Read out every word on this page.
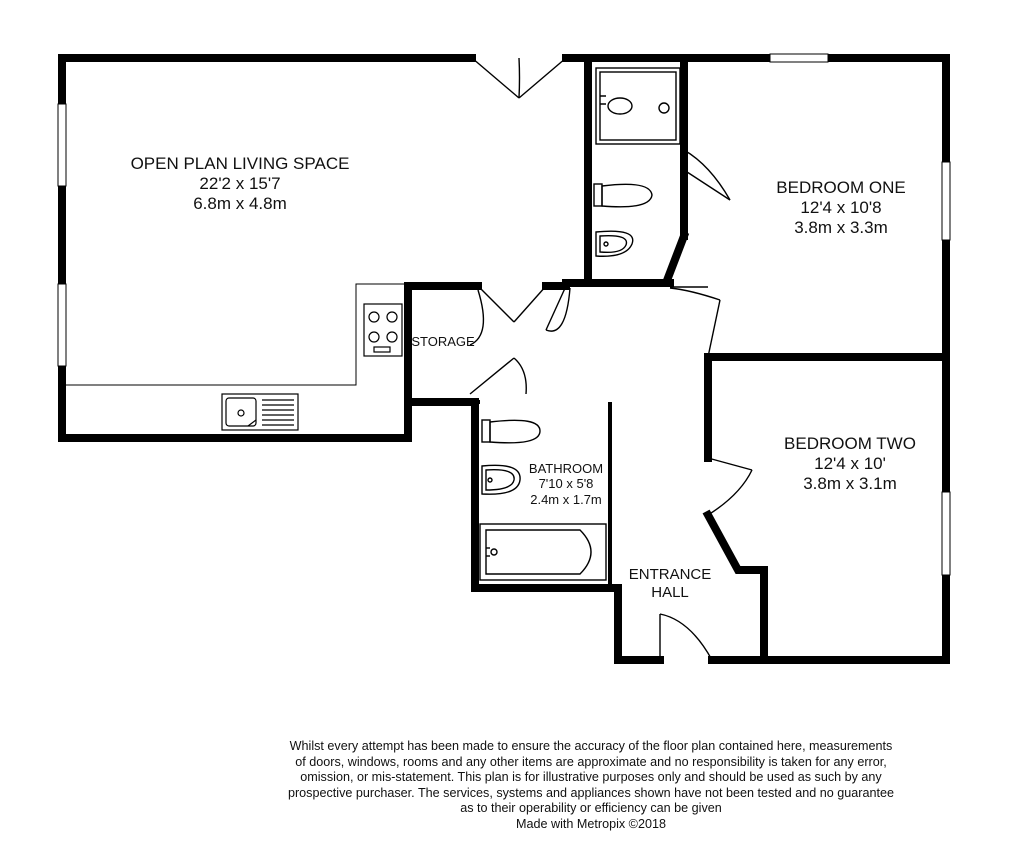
OPEN PLAN LIVING SPACE
22'2 x 15'7
6.8m x 4.8m
BEDROOM ONE
12'4 x 10'8
3.8m x 3.3m
BEDROOM TWO
12'4 x 10'
3.8m x 3.1m
BATHROOM
7'10 x 5'8
2.4m x 1.7m
STORAGE
ENTRANCE
HALL
Whilst every attempt has been made to ensure the accuracy of the floor plan contained here, measurements
of doors, windows, rooms and any other items are approximate and no responsibility is taken for any error,
omission, or mis-statement. This plan is for illustrative purposes only and should be used as such by any
prospective purchaser. The services, systems and appliances shown have not been tested and no guarantee
as to their operability or efficiency can be given
Made with Metropix ©2018
